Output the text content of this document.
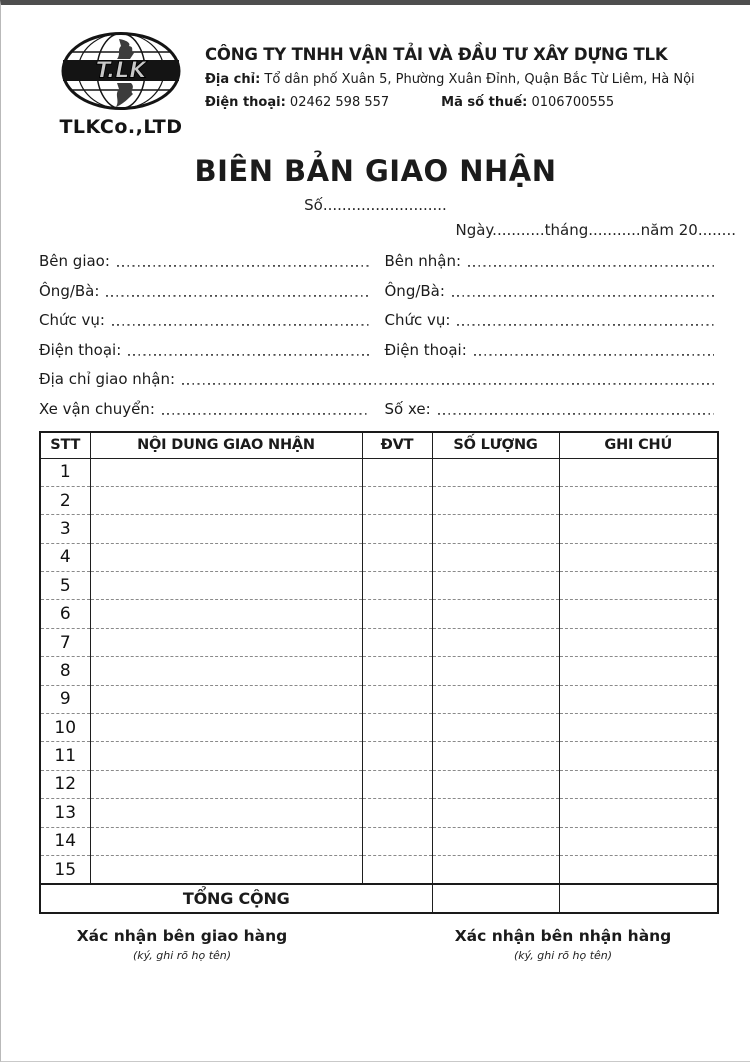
T.LK
TLKCo.,LTD
CÔNG TY TNHH VẬN TẢI VÀ ĐẦU TƯ XÂY DỰNG TLK
Địa chỉ: Tổ dân phố Xuân 5, Phường Xuân Đỉnh, Quận Bắc Từ Liêm, Hà Nội
Điện thoại: 02462 598 557	Mã số thuế: 0106700555
BIÊN BẢN GIAO NHẬN
Số..........................
Ngày...........tháng...........năm 20........
Bên giao:	Bên nhận:
Ông/Bà:	Ông/Bà:
Chức vụ:	Chức vụ:
Điện thoại:	Điện thoại:
Địa chỉ giao nhận:
Xe vận chuyển:	Số xe:
STT	NỘI DUNG GIAO NHẬN	ĐVT	SỐ LƯỢNG	GHI CHÚ
1				
2				
3				
4				
5				
6				
7				
8				
9				
10				
11				
12				
13				
14				
15				
TỔNG CỘNG				
Xác nhận bên giao hàng
(ký, ghi rõ họ tên)
Xác nhận bên nhận hàng
(ký, ghi rõ họ tên)
